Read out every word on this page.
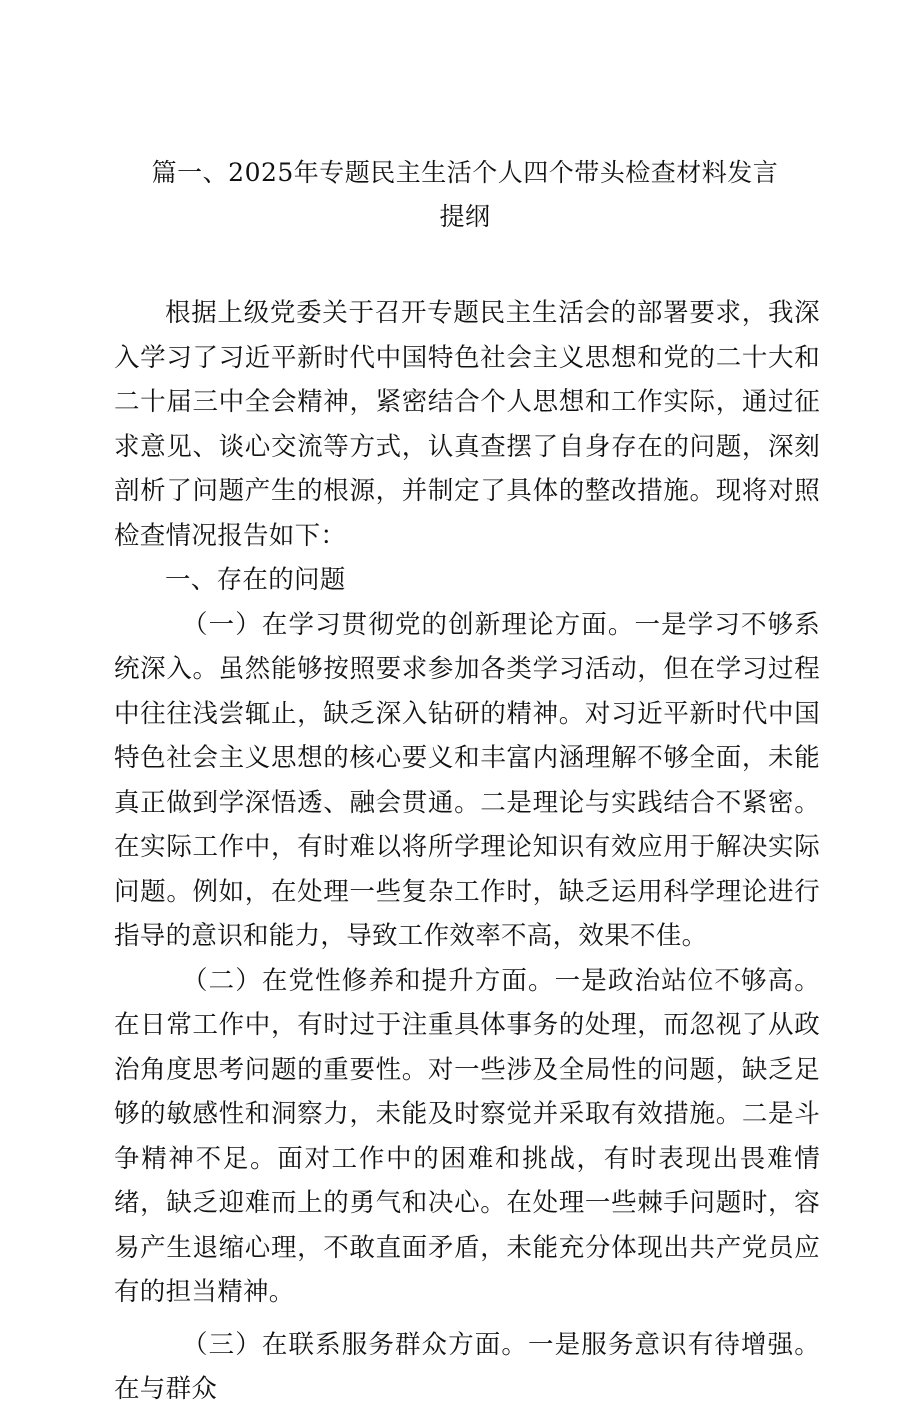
篇一、2025年专题民主生活个人四个带头检查材料发言提纲

根据上级党委关于召开专题民主生活会的部署要求，我深入学习了习近平新时代中国特色社会主义思想和党的二十大和二十届三中全会精神，紧密结合个人思想和工作实际，通过征求意见、谈心交流等方式，认真查摆了自身存在的问题，深刻剖析了问题产生的根源，并制定了具体的整改措施。现将对照检查情况报告如下：

一、存在的问题

（一）在学习贯彻党的创新理论方面。一是学习不够系统深入。虽然能够按照要求参加各类学习活动，但在学习过程中往往浅尝辄止，缺乏深入钻研的精神。对习近平新时代中国特色社会主义思想的核心要义和丰富内涵理解不够全面，未能真正做到学深悟透、融会贯通。二是理论与实践结合不紧密。在实际工作中，有时难以将所学理论知识有效应用于解决实际问题。例如，在处理一些复杂工作时，缺乏运用科学理论进行指导的意识和能力，导致工作效率不高，效果不佳。

（二）在党性修养和提升方面。一是政治站位不够高。在日常工作中，有时过于注重具体事务的处理，而忽视了从政治角度思考问题的重要性。对一些涉及全局性的问题，缺乏足够的敏感性和洞察力，未能及时察觉并采取有效措施。二是斗争精神不足。面对工作中的困难和挑战，有时表现出畏难情绪，缺乏迎难而上的勇气和决心。在处理一些棘手问题时，容易产生退缩心理，不敢直面矛盾，未能充分体现出共产党员应有的担当精神。

（三）在联系服务群众方面。一是服务意识有待增强。在与群众
